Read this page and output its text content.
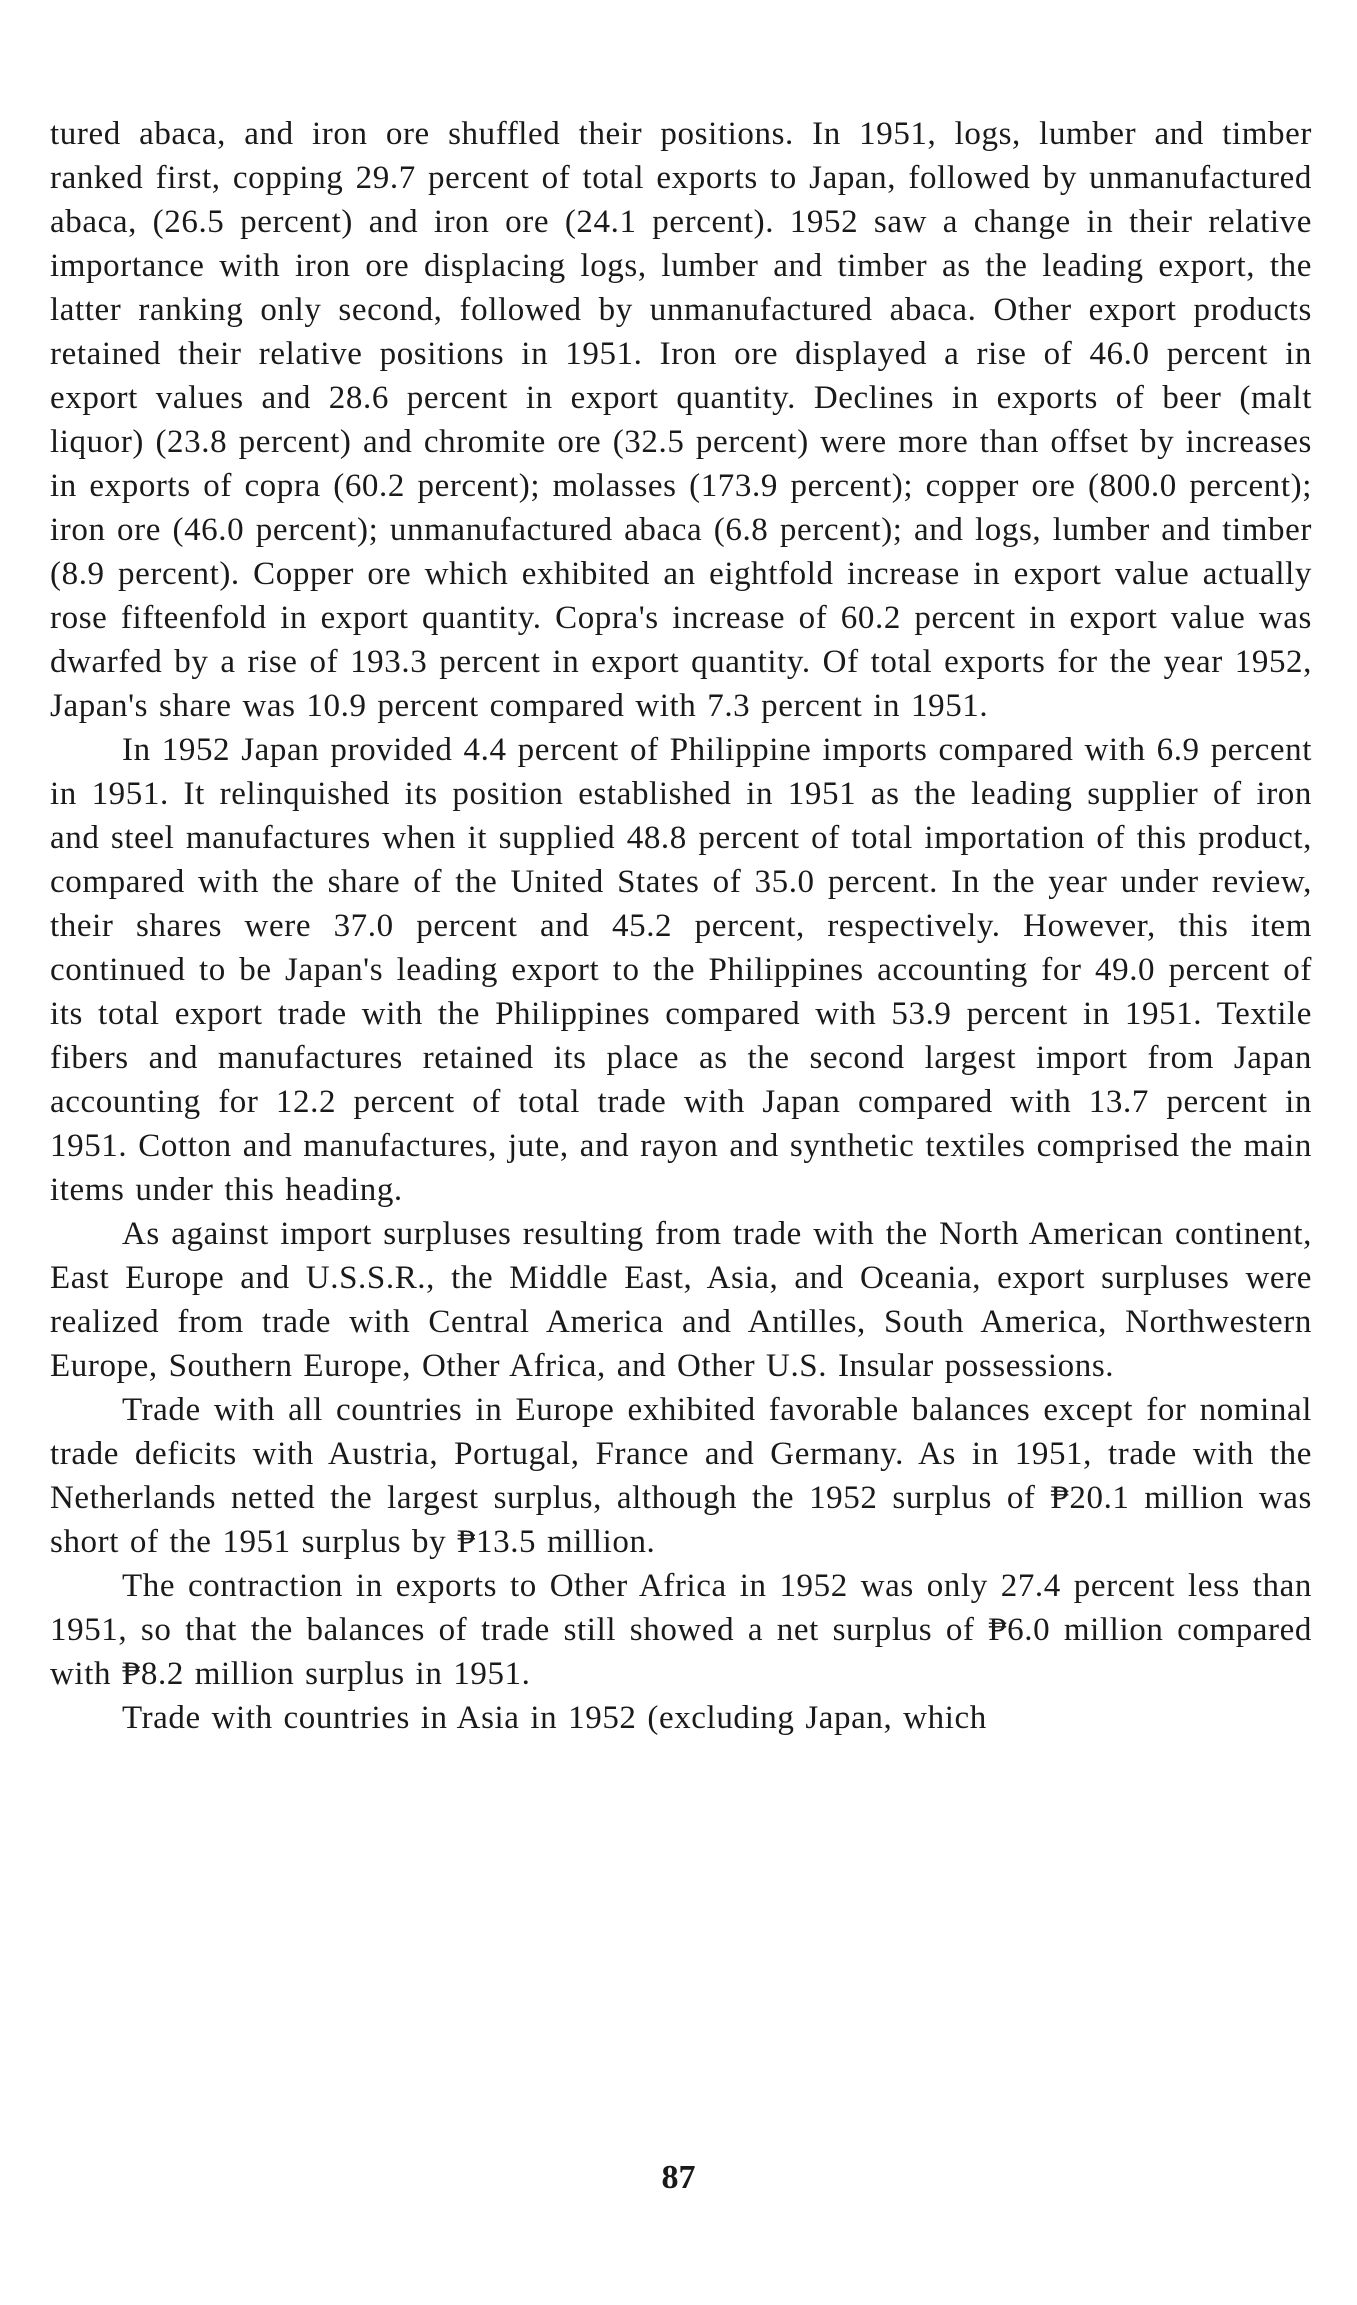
tured abaca, and iron ore shuffled their positions. In 1951, logs, lumber and timber ranked first, copping 29.7 percent of total exports to Japan, followed by unmanufactured abaca, (26.5 percent) and iron ore (24.1 percent). 1952 saw a change in their relative importance with iron ore displacing logs, lumber and timber as the leading export, the latter ranking only second, followed by unmanufactured abaca. Other export products retained their relative positions in 1951. Iron ore displayed a rise of 46.0 percent in export values and 28.6 percent in export quantity. Declines in exports of beer (malt liquor) (23.8 percent) and chromite ore (32.5 percent) were more than offset by increases in exports of copra (60.2 percent); molasses (173.9 percent); copper ore (800.0 percent); iron ore (46.0 percent); unmanufactured abaca (6.8 percent); and logs, lumber and timber (8.9 percent). Copper ore which exhibited an eightfold increase in export value actually rose fifteenfold in export quantity. Copra's increase of 60.2 percent in export value was dwarfed by a rise of 193.3 percent in export quantity. Of total exports for the year 1952, Japan's share was 10.9 percent compared with 7.3 percent in 1951.

In 1952 Japan provided 4.4 percent of Philippine imports compared with 6.9 percent in 1951. It relinquished its position established in 1951 as the leading supplier of iron and steel manufactures when it supplied 48.8 percent of total importation of this product, compared with the share of the United States of 35.0 percent. In the year under review, their shares were 37.0 percent and 45.2 percent, respectively. However, this item continued to be Japan's leading export to the Philippines accounting for 49.0 percent of its total export trade with the Philippines compared with 53.9 percent in 1951. Textile fibers and manufactures retained its place as the second largest import from Japan accounting for 12.2 percent of total trade with Japan compared with 13.7 percent in 1951. Cotton and manufactures, jute, and rayon and synthetic textiles comprised the main items under this heading.

As against import surpluses resulting from trade with the North American continent, East Europe and U.S.S.R., the Middle East, Asia, and Oceania, export surpluses were realized from trade with Central America and Antilles, South America, Northwestern Europe, Southern Europe, Other Africa, and Other U.S. Insular possessions.

Trade with all countries in Europe exhibited favorable balances except for nominal trade deficits with Austria, Portugal, France and Germany. As in 1951, trade with the Netherlands netted the largest surplus, although the 1952 surplus of ₱20.1 million was short of the 1951 surplus by ₱13.5 million.

The contraction in exports to Other Africa in 1952 was only 27.4 percent less than 1951, so that the balances of trade still showed a net surplus of ₱6.0 million compared with ₱8.2 million surplus in 1951.

Trade with countries in Asia in 1952 (excluding Japan, which

87
